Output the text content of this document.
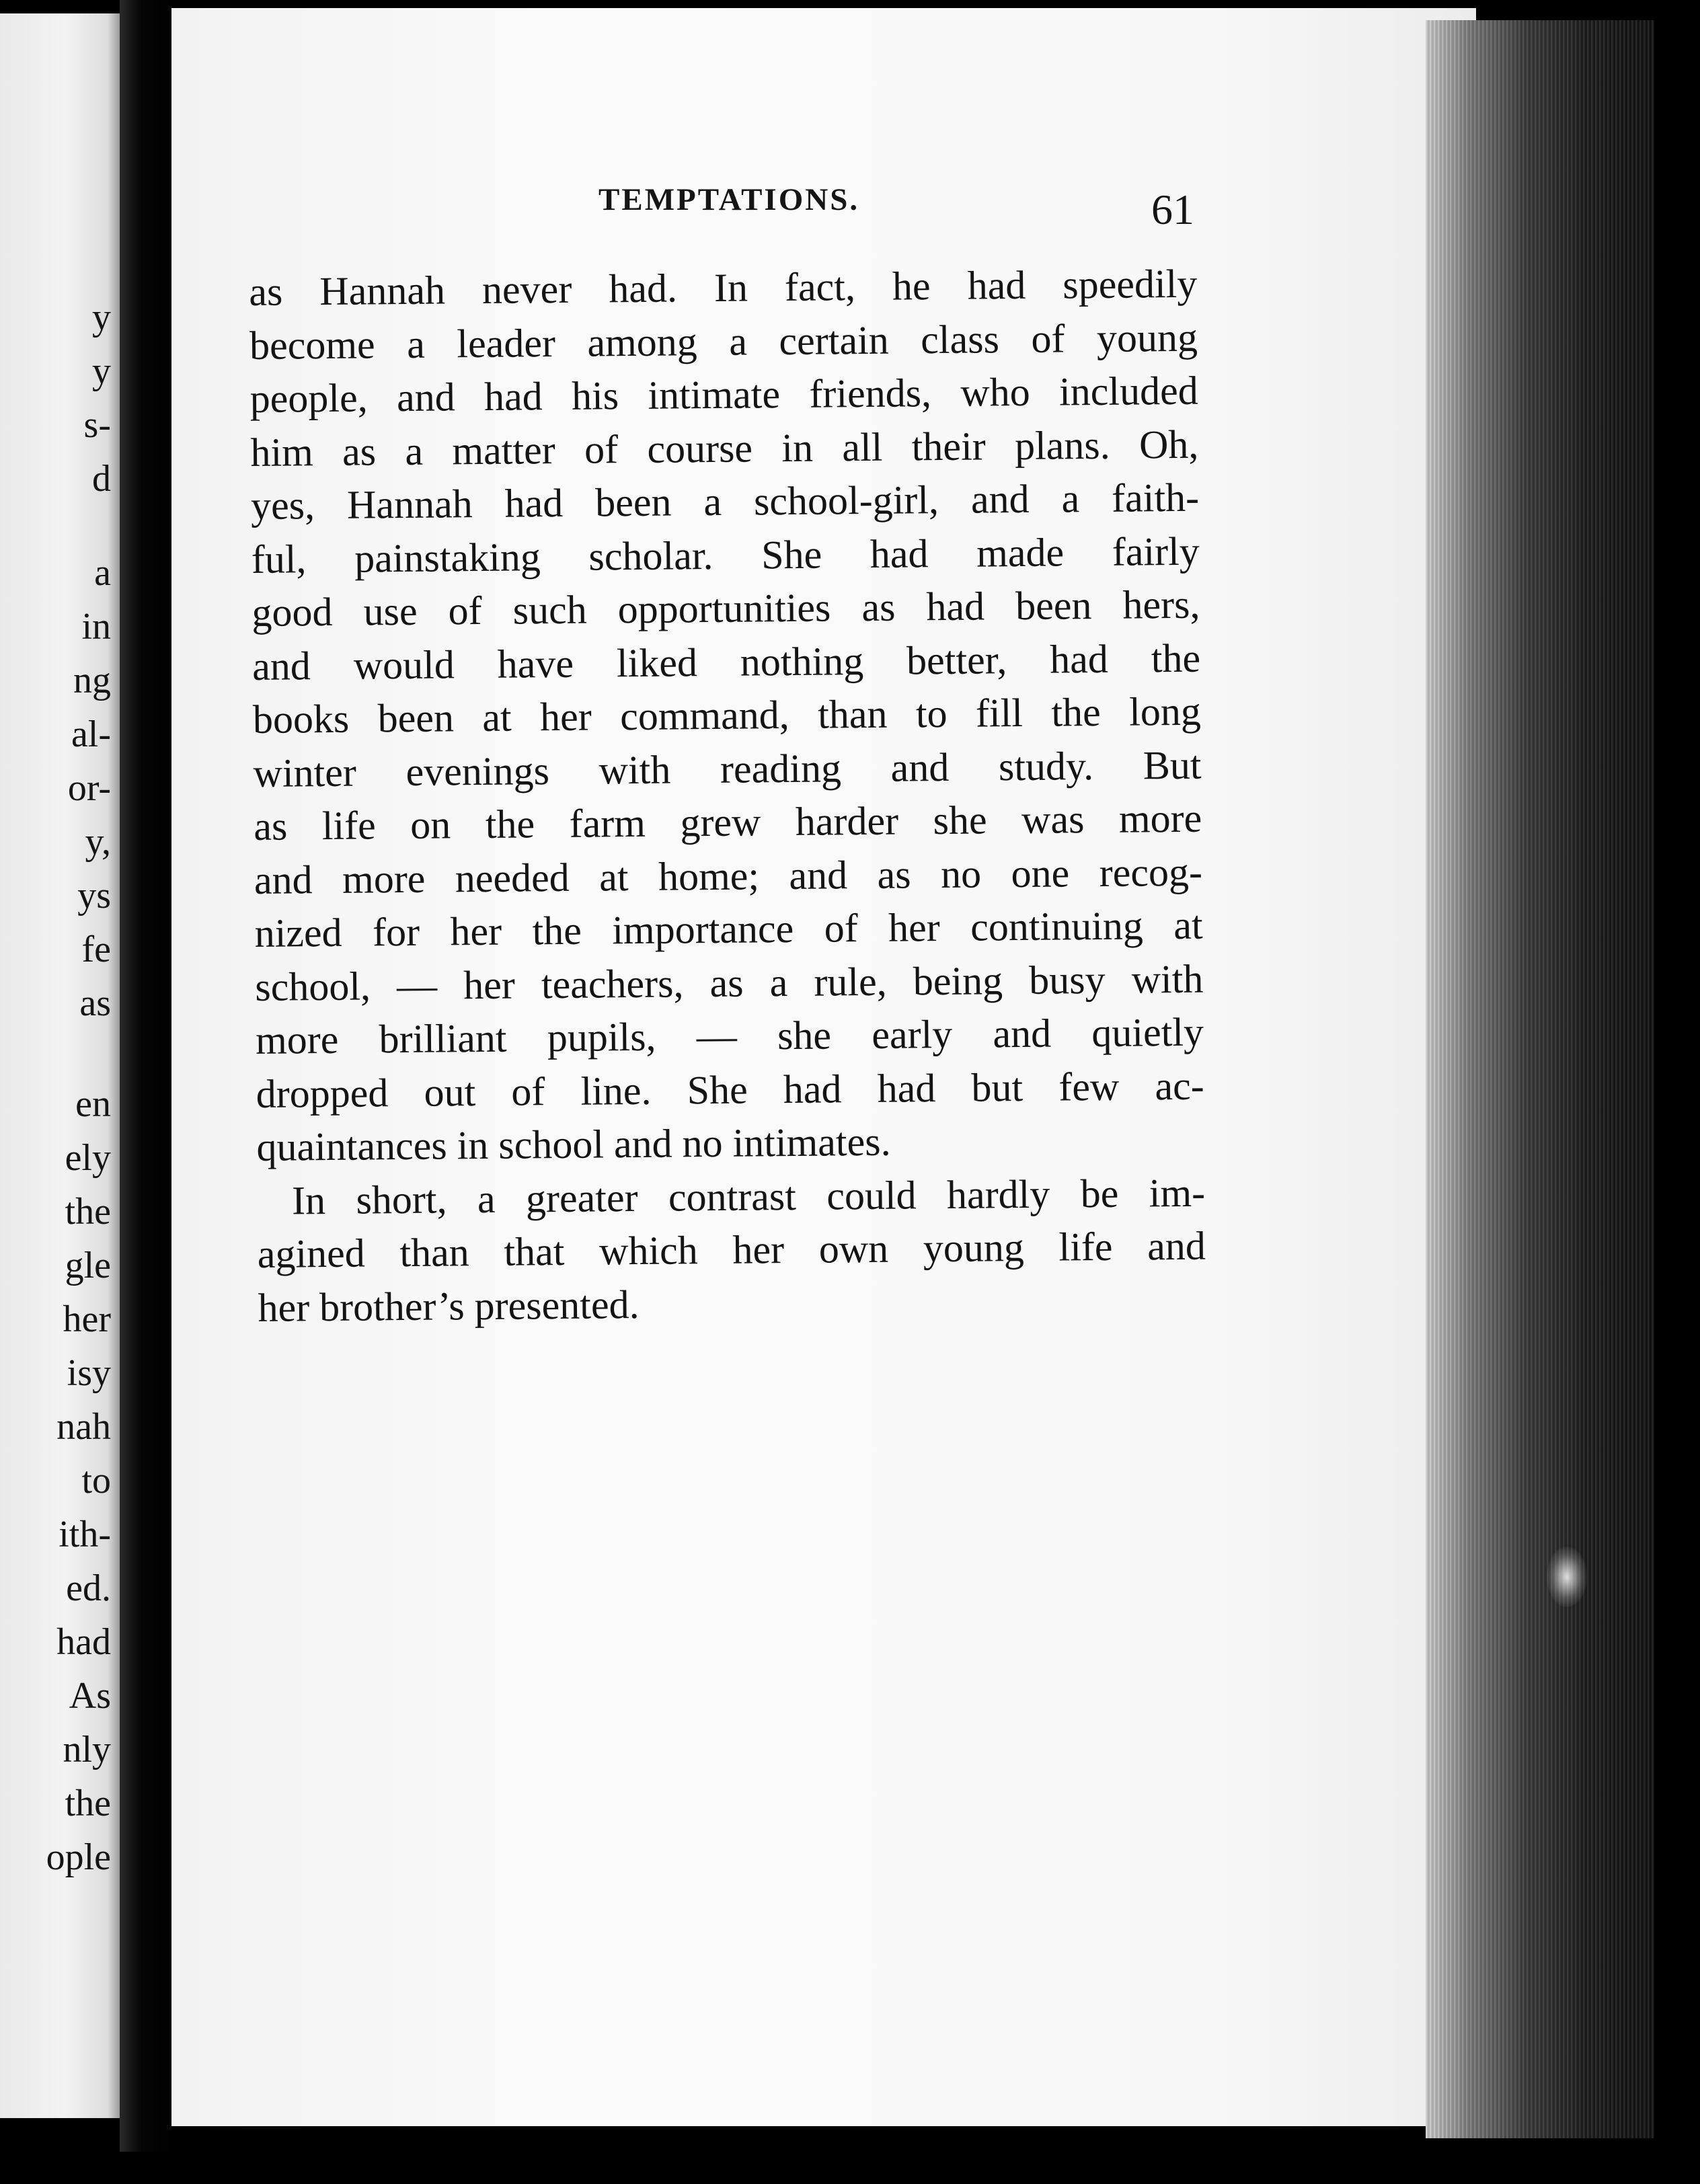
y
y
s-
d
a
in
ng
al-
or-
y,
ys
fe
as
en
ely
the
gle
her
isy
nah
to
ith-
ed.
had
As
nly
the
ople
TEMPTATIONS.	61
as Hannah never had. In fact, he had speedily
become a leader among a certain class of young
people, and had his intimate friends, who included
him as a matter of course in all their plans. Oh,
yes, Hannah had been a school-girl, and a faith-
ful, painstaking scholar. She had made fairly
good use of such opportunities as had been hers,
and would have liked nothing better, had the
books been at her command, than to fill the long
winter evenings with reading and study. But
as life on the farm grew harder she was more
and more needed at home; and as no one recog-
nized for her the importance of her continuing at
school, — her teachers, as a rule, being busy with
more brilliant pupils, — she early and quietly
dropped out of line. She had had but few ac-
quaintances in school and no intimates.
In short, a greater contrast could hardly be im-
agined than that which her own young life and
her brother’s presented.
